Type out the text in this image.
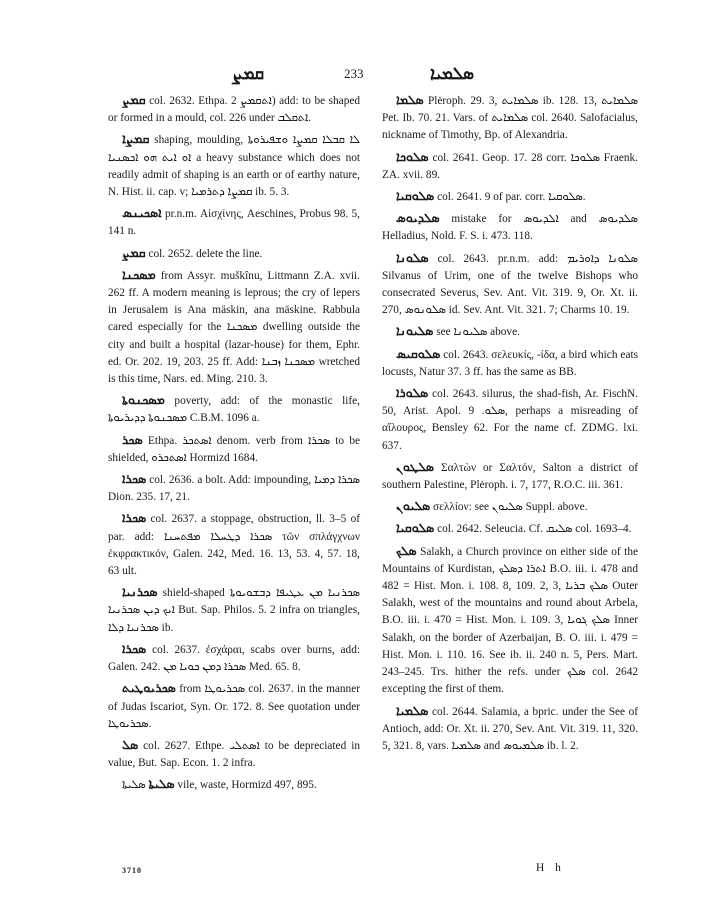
ܩܡܨ	233	ܣܠܡܝܐ

ܩܡܨ col. 2632. Ethpa. ܐܬܩܡܨ 2) add: to be shaped or formed in a mould, col. 226 under ܐܬܩܠܒ.

ܩܡܨܐ shaping, moulding, ܠܐ ܩܒܠܐ ܩܡܨܐ ܘܫܦܝܪܘܬܐ ܐܘ ܐܝܬ ܗܘ ܐܟܣܢܝܐ a heavy substance which does not readily admit of shaping is an earth or of earthy nature, N. Hist. ii. cap. v; ܩܡܨܐ ܕܬܪܡܝܐ ib. 5. 3.

ܐܣܟܝܢܣ pr.n.m. Αἰσχίνης, Aeschines, Probus 98. 5, 141 n.

ܩܡܨ col. 2652. delete the line.

ܡܣܟܢܐ from Assyr. muškînu, Littmann Z.A. xvii. 262 ff. A modern meaning is leprous; the cry of lepers in Jerusalem is Ana mäskin, ana mäskine. Rabbula cared especially for the ܡܣܟܢܐ dwelling outside the city and built a hospital (lazar-house) for them, Ephr. ed. Or. 202. 19, 203. 25 ff. Add: ܡܣܟܢܐ ܙܒܢܐ wretched is this time, Nars. ed. Ming. 210. 3.

ܡܣܟܢܘܬܐ poverty, add: of the monastic life, ܡܣܟܢܘܬܐ ܕܕܝܪܝܘܬܐ C.B.M. 1096 a.

ܣܟܪ Ethpa. ܐܣܬܟܪ denom. verb from ܣܟܪܐ to be shielded, ܐܣܬܟܪܘ Hormizd 1684.

ܣܟܪܐ col. 2636. a bolt. Add: impounding, ܣܟܪܐ ܕܡܝܐ Dion. 235. 17, 21.

ܣܟܪܐ col. 2637. a stoppage, obstruction, ll. 3–5 of par. add: ܣܟܪܐ ܕܛܚܠܐ ܡܦܬܚܢܐ τῶν σπλάγχνων ἐκφρακτικόν, Galen. 242, Med. 16. 13, 53. 4, 57. 18, 63 ult.

ܣܟܪܢܝܐ shield-shaped ܣܟܪܢܝܐ ܡܢ ܥܛܝܦܐ ܕܒܫܘܝܘܬܐ ܐܝܟ ܕܝܢ ܣܟܪܢܝܐ But. Sap. Philos. 5. 2 infra on triangles, ܣܟܪܢܝܐ ܕܠܐ ib.

ܣܟܪܐ col. 2637. ἐσχάραι, scabs over burns, add: Galen. 242. ܣܟܪܐ ܕܡܢ ܟܘܝܐ ܡܢ Med. 65. 8.

ܣܟܪܝܘܛܝܬ from ܣܟܪܝܘܛܐ col. 2637. in the manner of Judas Iscariot, Syn. Or. 172. 8. See quotation under ܣܟܪܝܘܛܐ.

ܣܠ col. 2627. Ethpe. ܐܣܬܠܝ to be depreciated in value, But. Sap. Econ. 1. 2 infra.

ܣܠܝܬܐ ܣܠܝܬܐ vile, waste, Hormizd 497, 895.

ܣܠܡܐ Plėroph. 29. 3, ܣܠܡܐܝܬ ib. 128. 13, ܣܠܡܐܝܬ Pet. Ib. 70. 21. Vars. of ܣܠܡܐܝܬ col. 2640. Salofacialus, nickname of Timothy, Bp. of Alexandria.

ܣܠܘܟܐ col. 2641. Geop. 17. 28 corr. ܣܠܘܟܐ Fraenk. ZA. xvii. 89.

ܣܠܘܩܝܐ col. 2641. 9 of par. corr. ܣܠܘܩܝܐ.

ܣܠܕܝܘܣ mistake for ܐܠܕܝܘܣ and ܣܠܕܝܘܣ Helladius, Nold. F. S. i. 473. 118.

ܣܠܘܢܐ col. 2643. pr.n.m. add: ܣܠܘܢܐ ܕܐܘܪܝܡ Silvanus of Urim, one of the twelve Bishops who consecrated Severus, Sev. Ant. Vit. 319. 9, Or. Xt. ii. 270, ܣܠܘܢܘܣ id. Sev. Ant. Vit. 321. 7; Charms 10. 19.

ܣܠܝܘܢܐ see ܣܠܝܘܢܐ above.

ܣܠܘܩܝܣ col. 2643. σελευκίς, -ίδα, a bird which eats locusts, Natur 37. 3 ff. has the same as BB.

ܣܠܘܪܐ col. 2643. silurus, the shad-fish, Ar. FischN. 50, Arist. Apol. ܣܠܘ. 9, perhaps a misreading of αἴλουρος, Bensley 62. For the name cf. ZDMG. lxi. 637.

ܣܠܛܘܢ Σαλτὼν or Σαλτόν, Salton a district of southern Palestine, Plėroph. i. 7, 177, R.O.C. iii. 361.

ܣܠܝܘܢ σελλίον: see ܣܠܝܘܢ Suppl. above.

ܣܠܘܩܝܐ col. 2642. Seleucia. Cf. ܣܠܝܩ col. 1693–4.

ܣܠܟ Salakh, a Church province on either side of the Mountains of Kurdistan, ܐܬܪܐ ܕܣܠܟ B.O. iii. i. 478 and 482 = Hist. Mon. i. 108. 8, 109. 2, 3, ܣܠܟ ܒܪܝܐ Outer Salakh, west of the mountains and round about Arbela, B.O. iii. i. 470 = Hist. Mon. i. 109. 3, ܣܠܟ ܓܘܝܐ Inner Salakh, on the border of Azerbaijan, B. O. iii. i. 479 = Hist. Mon. i. 110. 16. See ib. ii. 240 n. 5, Pers. Mart. 243–245. Trs. hither the refs. under ܣܠܟ col. 2642 excepting the first of them.

ܣܠܡܝܐ col. 2644. Salamia, a bpric. under the See of Antioch, add: Or. Xt. ii. 270, Sev. Ant. Vit. 319. 11, 320. 5, 321. 8, vars. ܣܠܡܝܐ and ܣܠܡܝܘܣ ib. l. 2.

3710	H h
